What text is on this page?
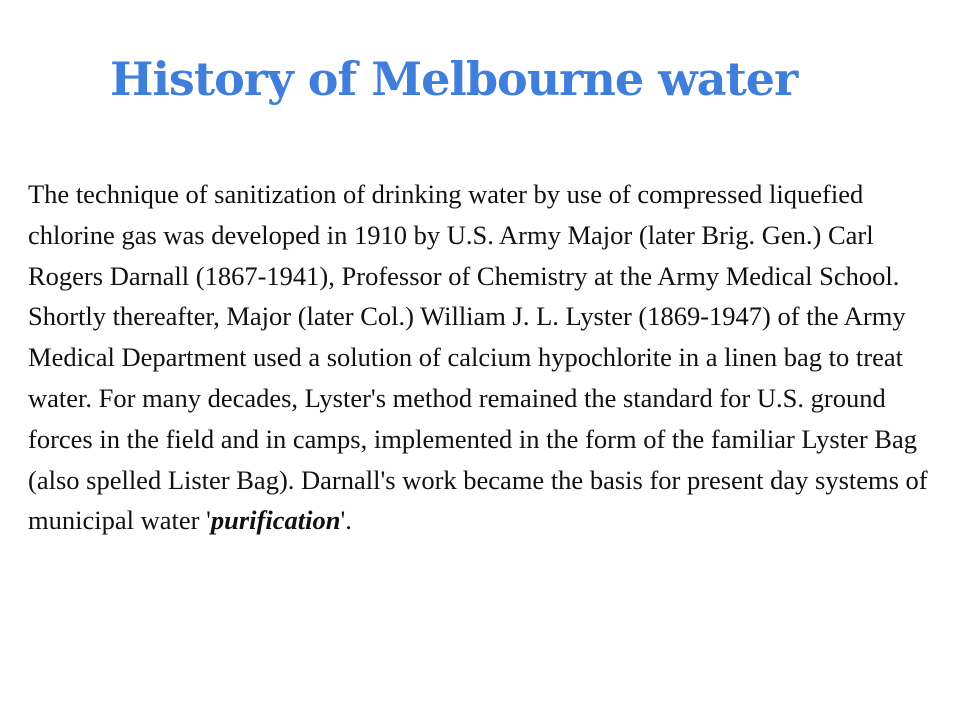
History of Melbourne water

The technique of sanitization of drinking water by use of compressed liquefied chlorine gas was developed in 1910 by U.S. Army Major (later Brig. Gen.) Carl Rogers Darnall (1867-1941), Professor of Chemistry at the Army Medical School. Shortly thereafter, Major (later Col.) William J. L. Lyster (1869-1947) of the Army Medical Department used a solution of calcium hypochlorite in a linen bag to treat water. For many decades, Lyster's method remained the standard for U.S. ground forces in the field and in camps, implemented in the form of the familiar Lyster Bag (also spelled Lister Bag). Darnall's work became the basis for present day systems of municipal water 'purification'.
